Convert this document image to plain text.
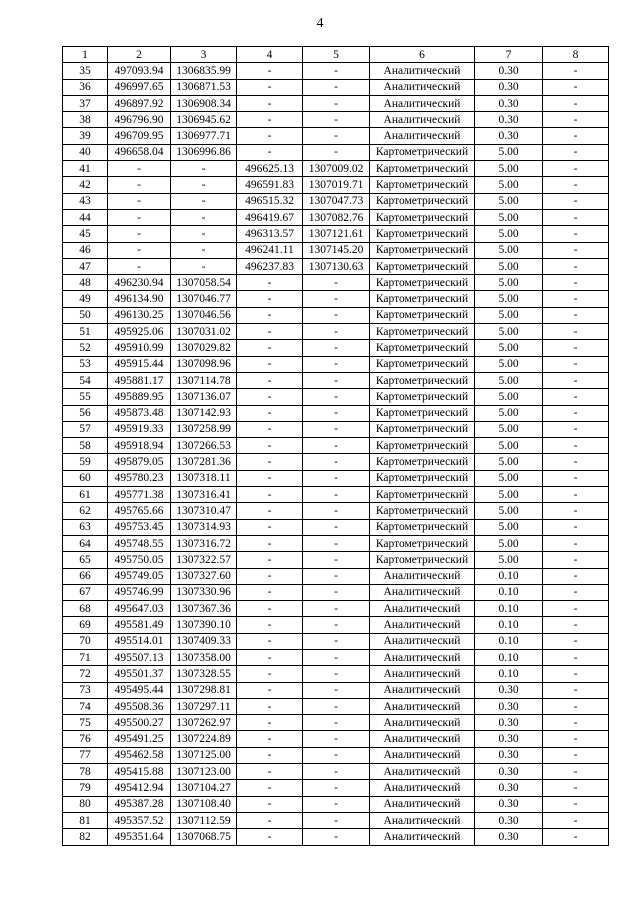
4
1	2	3	4	5	6	7	8
35	497093.94	1306835.99	-	-	Аналитический	0.30	-
36	496997.65	1306871.53	-	-	Аналитический	0.30	-
37	496897.92	1306908.34	-	-	Аналитический	0.30	-
38	496796.90	1306945.62	-	-	Аналитический	0.30	-
39	496709.95	1306977.71	-	-	Аналитический	0.30	-
40	496658.04	1306996.86	-	-	Картометрический	5.00	-
41	-	-	496625.13	1307009.02	Картометрический	5.00	-
42	-	-	496591.83	1307019.71	Картометрический	5.00	-
43	-	-	496515.32	1307047.73	Картометрический	5.00	-
44	-	-	496419.67	1307082.76	Картометрический	5.00	-
45	-	-	496313.57	1307121.61	Картометрический	5.00	-
46	-	-	496241.11	1307145.20	Картометрический	5.00	-
47	-	-	496237.83	1307130.63	Картометрический	5.00	-
48	496230.94	1307058.54	-	-	Картометрический	5.00	-
49	496134.90	1307046.77	-	-	Картометрический	5.00	-
50	496130.25	1307046.56	-	-	Картометрический	5.00	-
51	495925.06	1307031.02	-	-	Картометрический	5.00	-
52	495910.99	1307029.82	-	-	Картометрический	5.00	-
53	495915.44	1307098.96	-	-	Картометрический	5.00	-
54	495881.17	1307114.78	-	-	Картометрический	5.00	-
55	495889.95	1307136.07	-	-	Картометрический	5.00	-
56	495873.48	1307142.93	-	-	Картометрический	5.00	-
57	495919.33	1307258.99	-	-	Картометрический	5.00	-
58	495918.94	1307266.53	-	-	Картометрический	5.00	-
59	495879.05	1307281.36	-	-	Картометрический	5.00	-
60	495780.23	1307318.11	-	-	Картометрический	5.00	-
61	495771.38	1307316.41	-	-	Картометрический	5.00	-
62	495765.66	1307310.47	-	-	Картометрический	5.00	-
63	495753.45	1307314.93	-	-	Картометрический	5.00	-
64	495748.55	1307316.72	-	-	Картометрический	5.00	-
65	495750.05	1307322.57	-	-	Картометрический	5.00	-
66	495749.05	1307327.60	-	-	Аналитический	0.10	-
67	495746.99	1307330.96	-	-	Аналитический	0.10	-
68	495647.03	1307367.36	-	-	Аналитический	0.10	-
69	495581.49	1307390.10	-	-	Аналитический	0.10	-
70	495514.01	1307409.33	-	-	Аналитический	0.10	-
71	495507.13	1307358.00	-	-	Аналитический	0.10	-
72	495501.37	1307328.55	-	-	Аналитический	0.10	-
73	495495.44	1307298.81	-	-	Аналитический	0.30	-
74	495508.36	1307297.11	-	-	Аналитический	0.30	-
75	495500.27	1307262.97	-	-	Аналитический	0.30	-
76	495491.25	1307224.89	-	-	Аналитический	0.30	-
77	495462.58	1307125.00	-	-	Аналитический	0.30	-
78	495415.88	1307123.00	-	-	Аналитический	0.30	-
79	495412.94	1307104.27	-	-	Аналитический	0.30	-
80	495387.28	1307108.40	-	-	Аналитический	0.30	-
81	495357.52	1307112.59	-	-	Аналитический	0.30	-
82	495351.64	1307068.75	-	-	Аналитический	0.30	-
